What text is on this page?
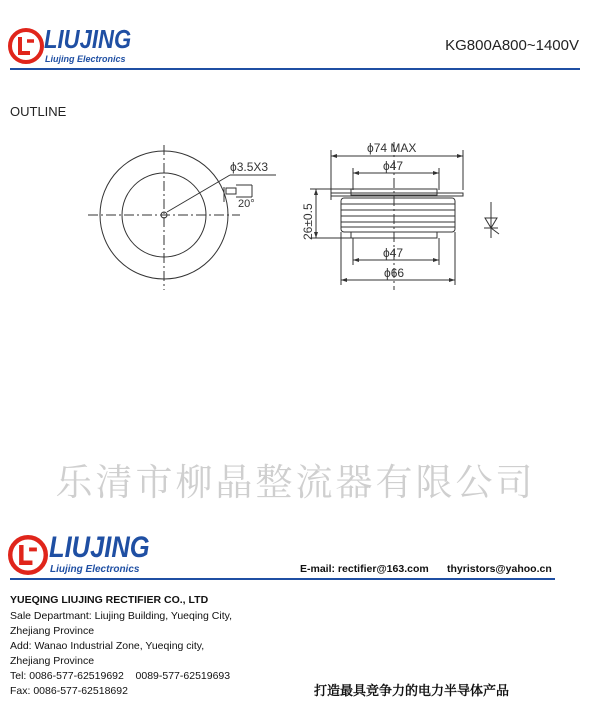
LIUJING
Liujing Electronics
KG800A800~1400V
OUTLINE
ϕ3.5X3
20°
ϕ74 MAX
ϕ47
26±0.5
ϕ47
ϕ66
乐清市柳晶整流器有限公司
LIUJING
Liujing Electronics	E-mail: rectifier@163.com thyristors@yahoo.cn
YUEQING LIUJING RECTIFIER CO., LTD
Sale Departmant: Liujing Building, Yueqing City,
Zhejiang Province
Add: Wanao Industrial Zone, Yueqing city,
Zhejiang Province
Tel: 0086-577-62519692    0089-577-62519693
Fax: 0086-577-62518692	打造最具竞争力的电力半导体产品
